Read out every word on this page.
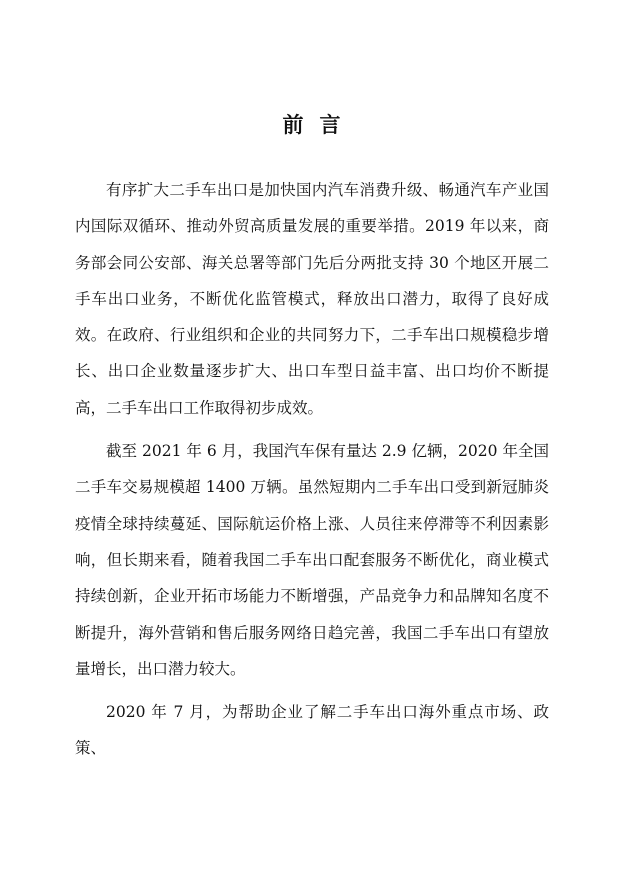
前言

有序扩大二手车出口是加快国内汽车消费升级、畅通汽车产业国内国际双循环、推动外贸高质量发展的重要举措。2019 年以来，商务部会同公安部、海关总署等部门先后分两批支持 30 个地区开展二手车出口业务，不断优化监管模式，释放出口潜力，取得了良好成效。在政府、行业组织和企业的共同努力下，二手车出口规模稳步增长、出口企业数量逐步扩大、出口车型日益丰富、出口均价不断提高，二手车出口工作取得初步成效。

截至 2021 年 6 月，我国汽车保有量达 2.9 亿辆，2020 年全国二手车交易规模超 1400 万辆。虽然短期内二手车出口受到新冠肺炎疫情全球持续蔓延、国际航运价格上涨、人员往来停滞等不利因素影响，但长期来看，随着我国二手车出口配套服务不断优化，商业模式持续创新，企业开拓市场能力不断增强，产品竞争力和品牌知名度不断提升，海外营销和售后服务网络日趋完善，我国二手车出口有望放量增长，出口潜力较大。

2020 年 7 月，为帮助企业了解二手车出口海外重点市场、政策、
